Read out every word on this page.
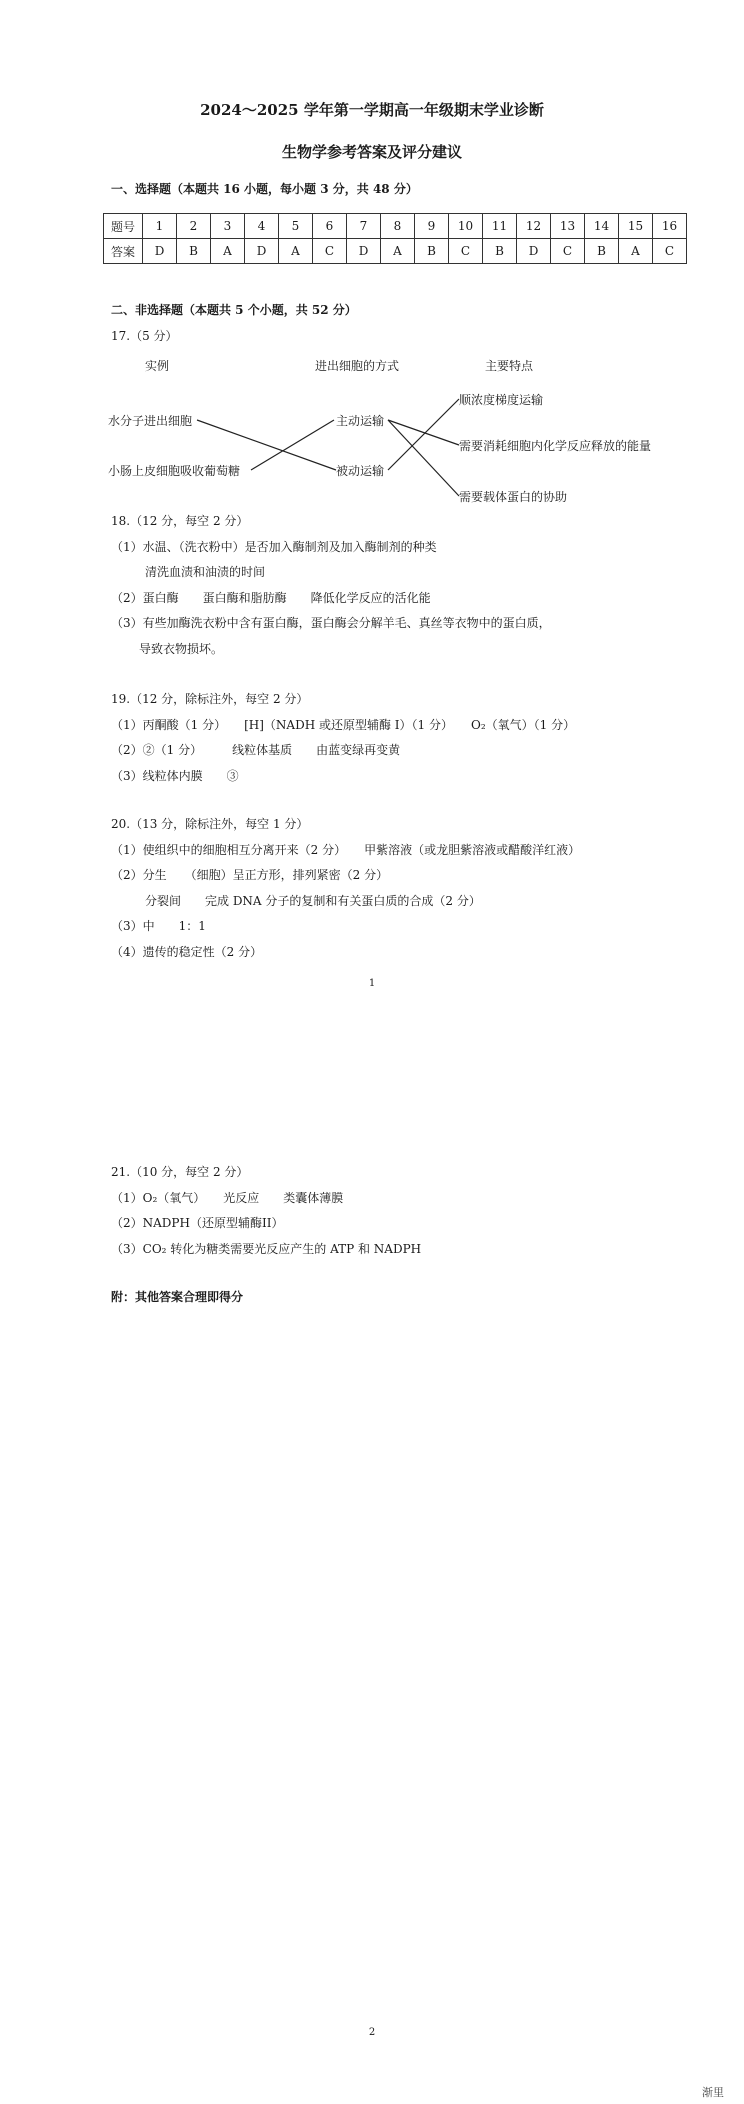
2024～2025 学年第一学期高一年级期末学业诊断
生物学参考答案及评分建议
一、选择题（本题共 16 小题，每小题 3 分，共 48 分）
题号	1	2	3	4	5	6	7	8	9	10	11	12	13	14	15	16
答案	D	B	A	D	A	C	D	A	B	C	B	D	C	B	A	C
二、非选择题（本题共 5 个小题，共 52 分）
17.（5 分）
实例	进出细胞的方式	主要特点
水分子进出细胞
小肠上皮细胞吸收葡萄糖
主动运输
被动运输
顺浓度梯度运输
需要消耗细胞内化学反应释放的能量
需要载体蛋白的协助
18.（12 分，每空 2 分）
（1）水温、（洗衣粉中）是否加入酶制剂及加入酶制剂的种类
清洗血渍和油渍的时间
（2）蛋白酶　　蛋白酶和脂肪酶　　降低化学反应的活化能
（3）有些加酶洗衣粉中含有蛋白酶，蛋白酶会分解羊毛、真丝等衣物中的蛋白质，
导致衣物损坏。
19.（12 分，除标注外，每空 2 分）
（1）丙酮酸（1 分）　　[H]（NADH 或还原型辅酶 I）（1 分）　　O₂（氧气）（1 分）
（2）②（1 分）　　　线粒体基质　　由蓝变绿再变黄
（3）线粒体内膜　　③
20.（13 分，除标注外，每空 1 分）
（1）使组织中的细胞相互分离开来（2 分）　　甲紫溶液（或龙胆紫溶液或醋酸洋红液）
（2）分生　　（细胞）呈正方形，排列紧密（2 分）
分裂间　　完成 DNA 分子的复制和有关蛋白质的合成（2 分）
（3）中　　1：1
（4）遗传的稳定性（2 分）
1
21.（10 分，每空 2 分）
（1）O₂（氧气）　　光反应　　类囊体薄膜
（2）NADPH（还原型辅酶II）
（3）CO₂ 转化为糖类需要光反应产生的 ATP 和 NADPH
附：其他答案合理即得分
2
渐里
